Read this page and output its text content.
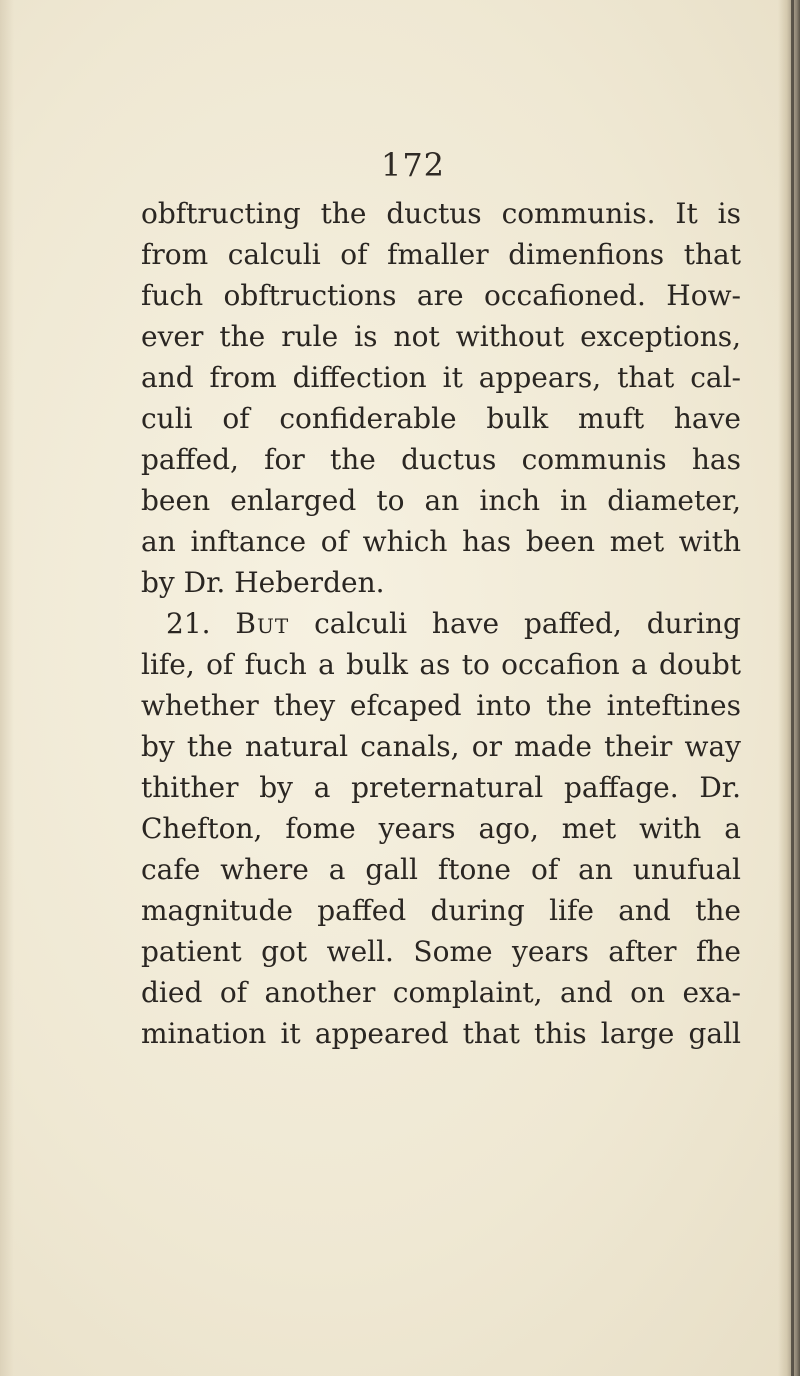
172
obftructing the ductus communis. It is
from calculi of fmaller dimenfions that
fuch obftructions are occafioned. How-
ever the rule is not without exceptions,
and from diffection it appears, that cal-
culi of confiderable bulk muft have
paffed, for the ductus communis has
been enlarged to an inch in diameter,
an inftance of which has been met with
by Dr. Heberden.
21. But calculi have paffed, during
life, of fuch a bulk as to occafion a doubt
whether they efcaped into the inteftines
by the natural canals, or made their way
thither by a preternatural paffage. Dr.
Chefton, fome years ago, met with a
cafe where a gall ftone of an unufual
magnitude paffed during life and the
patient got well. Some years after fhe
died of another complaint, and on exa-
mination it appeared that this large gall
